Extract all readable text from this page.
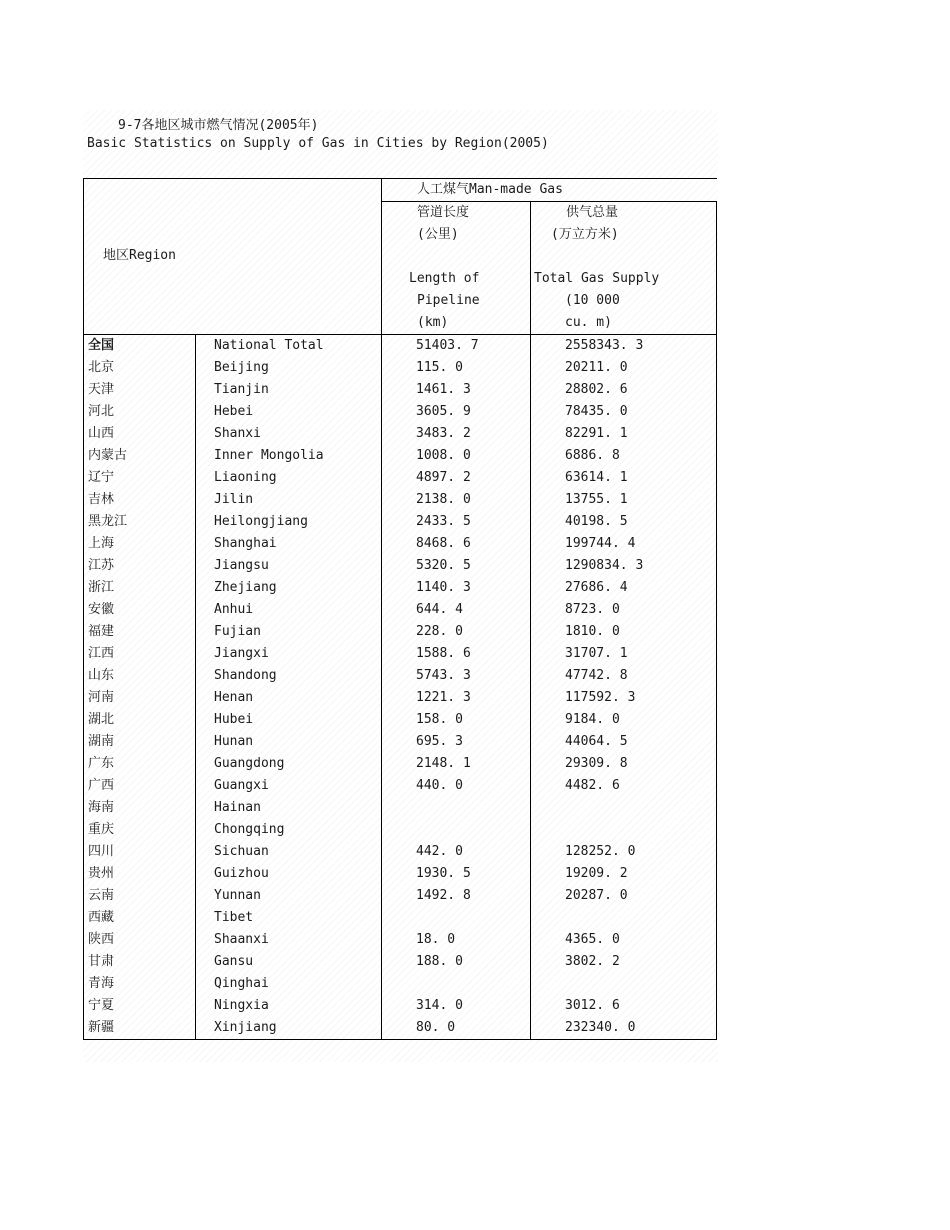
9-7各地区城市燃气情况(2005年)
Basic Statistics on Supply of Gas in Cities by Region(2005)
地区Region		人工煤气Man-made Gas	
		管道长度	供气总量
		(公里)	(万立方米)

		Length of	Total Gas Supply
		Pipeline	(10 000
		(km)	cu. m)
全国	National Total	51403. 7	2558343. 3
北京	Beijing	115. 0	20211. 0
天津	Tianjin	1461. 3	28802. 6
河北	Hebei	3605. 9	78435. 0
山西	Shanxi	3483. 2	82291. 1
内蒙古	Inner Mongolia	1008. 0	6886. 8
辽宁	Liaoning	4897. 2	63614. 1
吉林	Jilin	2138. 0	13755. 1
黑龙江	Heilongjiang	2433. 5	40198. 5
上海	Shanghai	8468. 6	199744. 4
江苏	Jiangsu	5320. 5	1290834. 3
浙江	Zhejiang	1140. 3	27686. 4
安徽	Anhui	644. 4	8723. 0
福建	Fujian	228. 0	1810. 0
江西	Jiangxi	1588. 6	31707. 1
山东	Shandong	5743. 3	47742. 8
河南	Henan	1221. 3	117592. 3
湖北	Hubei	158. 0	9184. 0
湖南	Hunan	695. 3	44064. 5
广东	Guangdong	2148. 1	29309. 8
广西	Guangxi	440. 0	4482. 6
海南	Hainan		
重庆	Chongqing		
四川	Sichuan	442. 0	128252. 0
贵州	Guizhou	1930. 5	19209. 2
云南	Yunnan	1492. 8	20287. 0
西藏	Tibet		
陕西	Shaanxi	18. 0	4365. 0
甘肃	Gansu	188. 0	3802. 2
青海	Qinghai		
宁夏	Ningxia	314. 0	3012. 6
新疆	Xinjiang	80. 0	232340. 0
